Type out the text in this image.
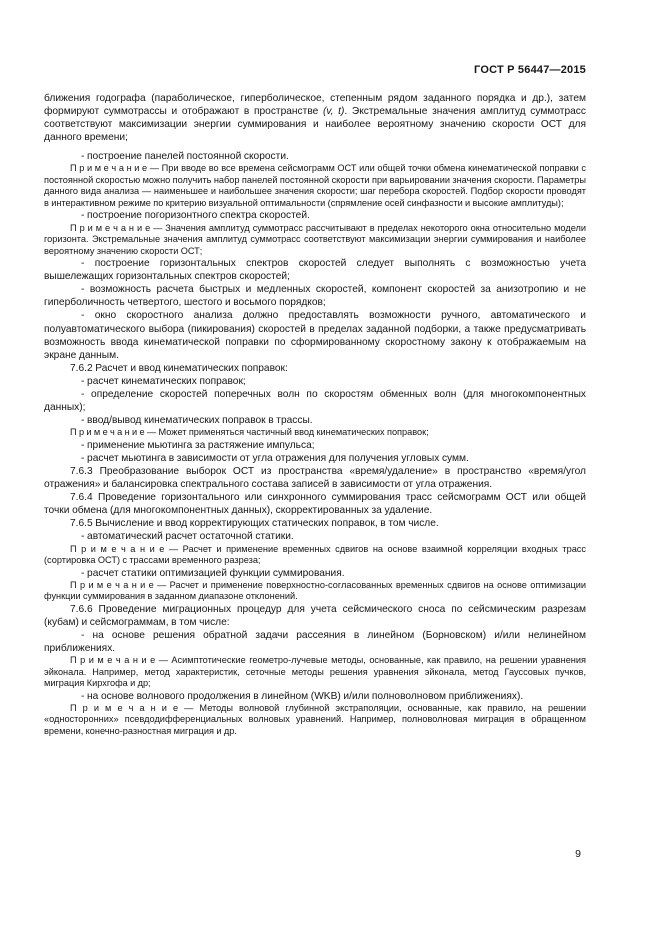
ГОСТ Р 56447—2015

ближения годографа (параболическое, гиперболическое, степенным рядом заданного порядка и др.), затем формируют суммотрассы и отображают в пространстве (v, t). Экстремальные значения амплитуд суммотрасс соответствуют максимизации энергии суммирования и наиболее вероятному значению скорости ОСТ для данного времени;

- построение панелей постоянной скорости.

П р и м е ч а н и е — При вводе во все времена сейсмограмм ОСТ или общей точки обмена кинематической поправки с постоянной скоростью можно получить набор панелей постоянной скорости при варьировании значения скорости. Параметры данного вида анализа — наименьшее и наибольшее значения скорости; шаг перебора скоростей. Подбор скорости проводят в интерактивном режиме по критерию визуальной оптимальности (спрямление осей синфазности и высокие амплитуды);

- построение погоризонтного спектра скоростей.

П р и м е ч а н и е — Значения амплитуд суммотрасс рассчитывают в пределах некоторого окна относительно модели горизонта. Экстремальные значения амплитуд суммотрасс соответствуют максимизации энергии суммирования и наиболее вероятному значению скорости ОСТ;

- построение горизонтальных спектров скоростей следует выполнять с возможностью учета вышележащих горизонтальных спектров скоростей;

- возможность расчета быстрых и медленных скоростей, компонент скоростей за анизотропию и не гиперболичность четвертого, шестого и восьмого порядков;

- окно скоростного анализа должно предоставлять возможности ручного, автоматического и полуавтоматического выбора (пикирования) скоростей в пределах заданной подборки, а также предусматривать возможность ввода кинематической поправки по сформированному скоростному закону к отображаемым на экране данным.

7.6.2 Расчет и ввод кинематических поправок:

- расчет кинематических поправок;

- определение скоростей поперечных волн по скоростям обменных волн (для многокомпонентных данных);

- ввод/вывод кинематических поправок в трассы.

П р и м е ч а н и е — Может применяться частичный ввод кинематических поправок;

- применение мьютинга за растяжение импульса;

- расчет мьютинга в зависимости от угла отражения для получения угловых сумм.

7.6.3 Преобразование выборок ОСТ из пространства «время/удаление» в пространство «время/угол отражения» и балансировка спектрального состава записей в зависимости от угла отражения.

7.6.4 Проведение горизонтального или синхронного суммирования трасс сейсмограмм ОСТ или общей точки обмена (для многокомпонентных данных), скорректированных за удаление.

7.6.5 Вычисление и ввод корректирующих статических поправок, в том числе.

- автоматический расчет остаточной статики.

П р и м е ч а н и е — Расчет и применение временных сдвигов на основе взаимной корреляции входных трасс (сортировка ОСТ) с трассами временного разреза;

- расчет статики оптимизацией функции суммирования.

П р и м е ч а н и е — Расчет и применение поверхностно-согласованных временных сдвигов на основе оптимизации функции суммирования в заданном диапазоне отклонений.

7.6.6 Проведение миграционных процедур для учета сейсмического сноса по сейсмическим разрезам (кубам) и сейсмограммам, в том числе:

- на основе решения обратной задачи рассеяния в линейном (Борновском) и/или нелинейном приближениях.

П р и м е ч а н и е — Асимптотические геометро-лучевые методы, основанные, как правило, на решении уравнения эйконала. Например, метод характеристик, сеточные методы решения уравнения эйконала, метод Гауссовых пучков, миграция Кирхгофа и др;

- на основе волнового продолжения в линейном (WKB) и/или полноволновом приближениях).

П р и м е ч а н и е — Методы волновой глубинной экстраполяции, основанные, как правило, на решении «односторонних» псевдодифференциальных волновых уравнений. Например, полноволновая миграция в обращенном времени, конечно-разностная миграция и др.

9
